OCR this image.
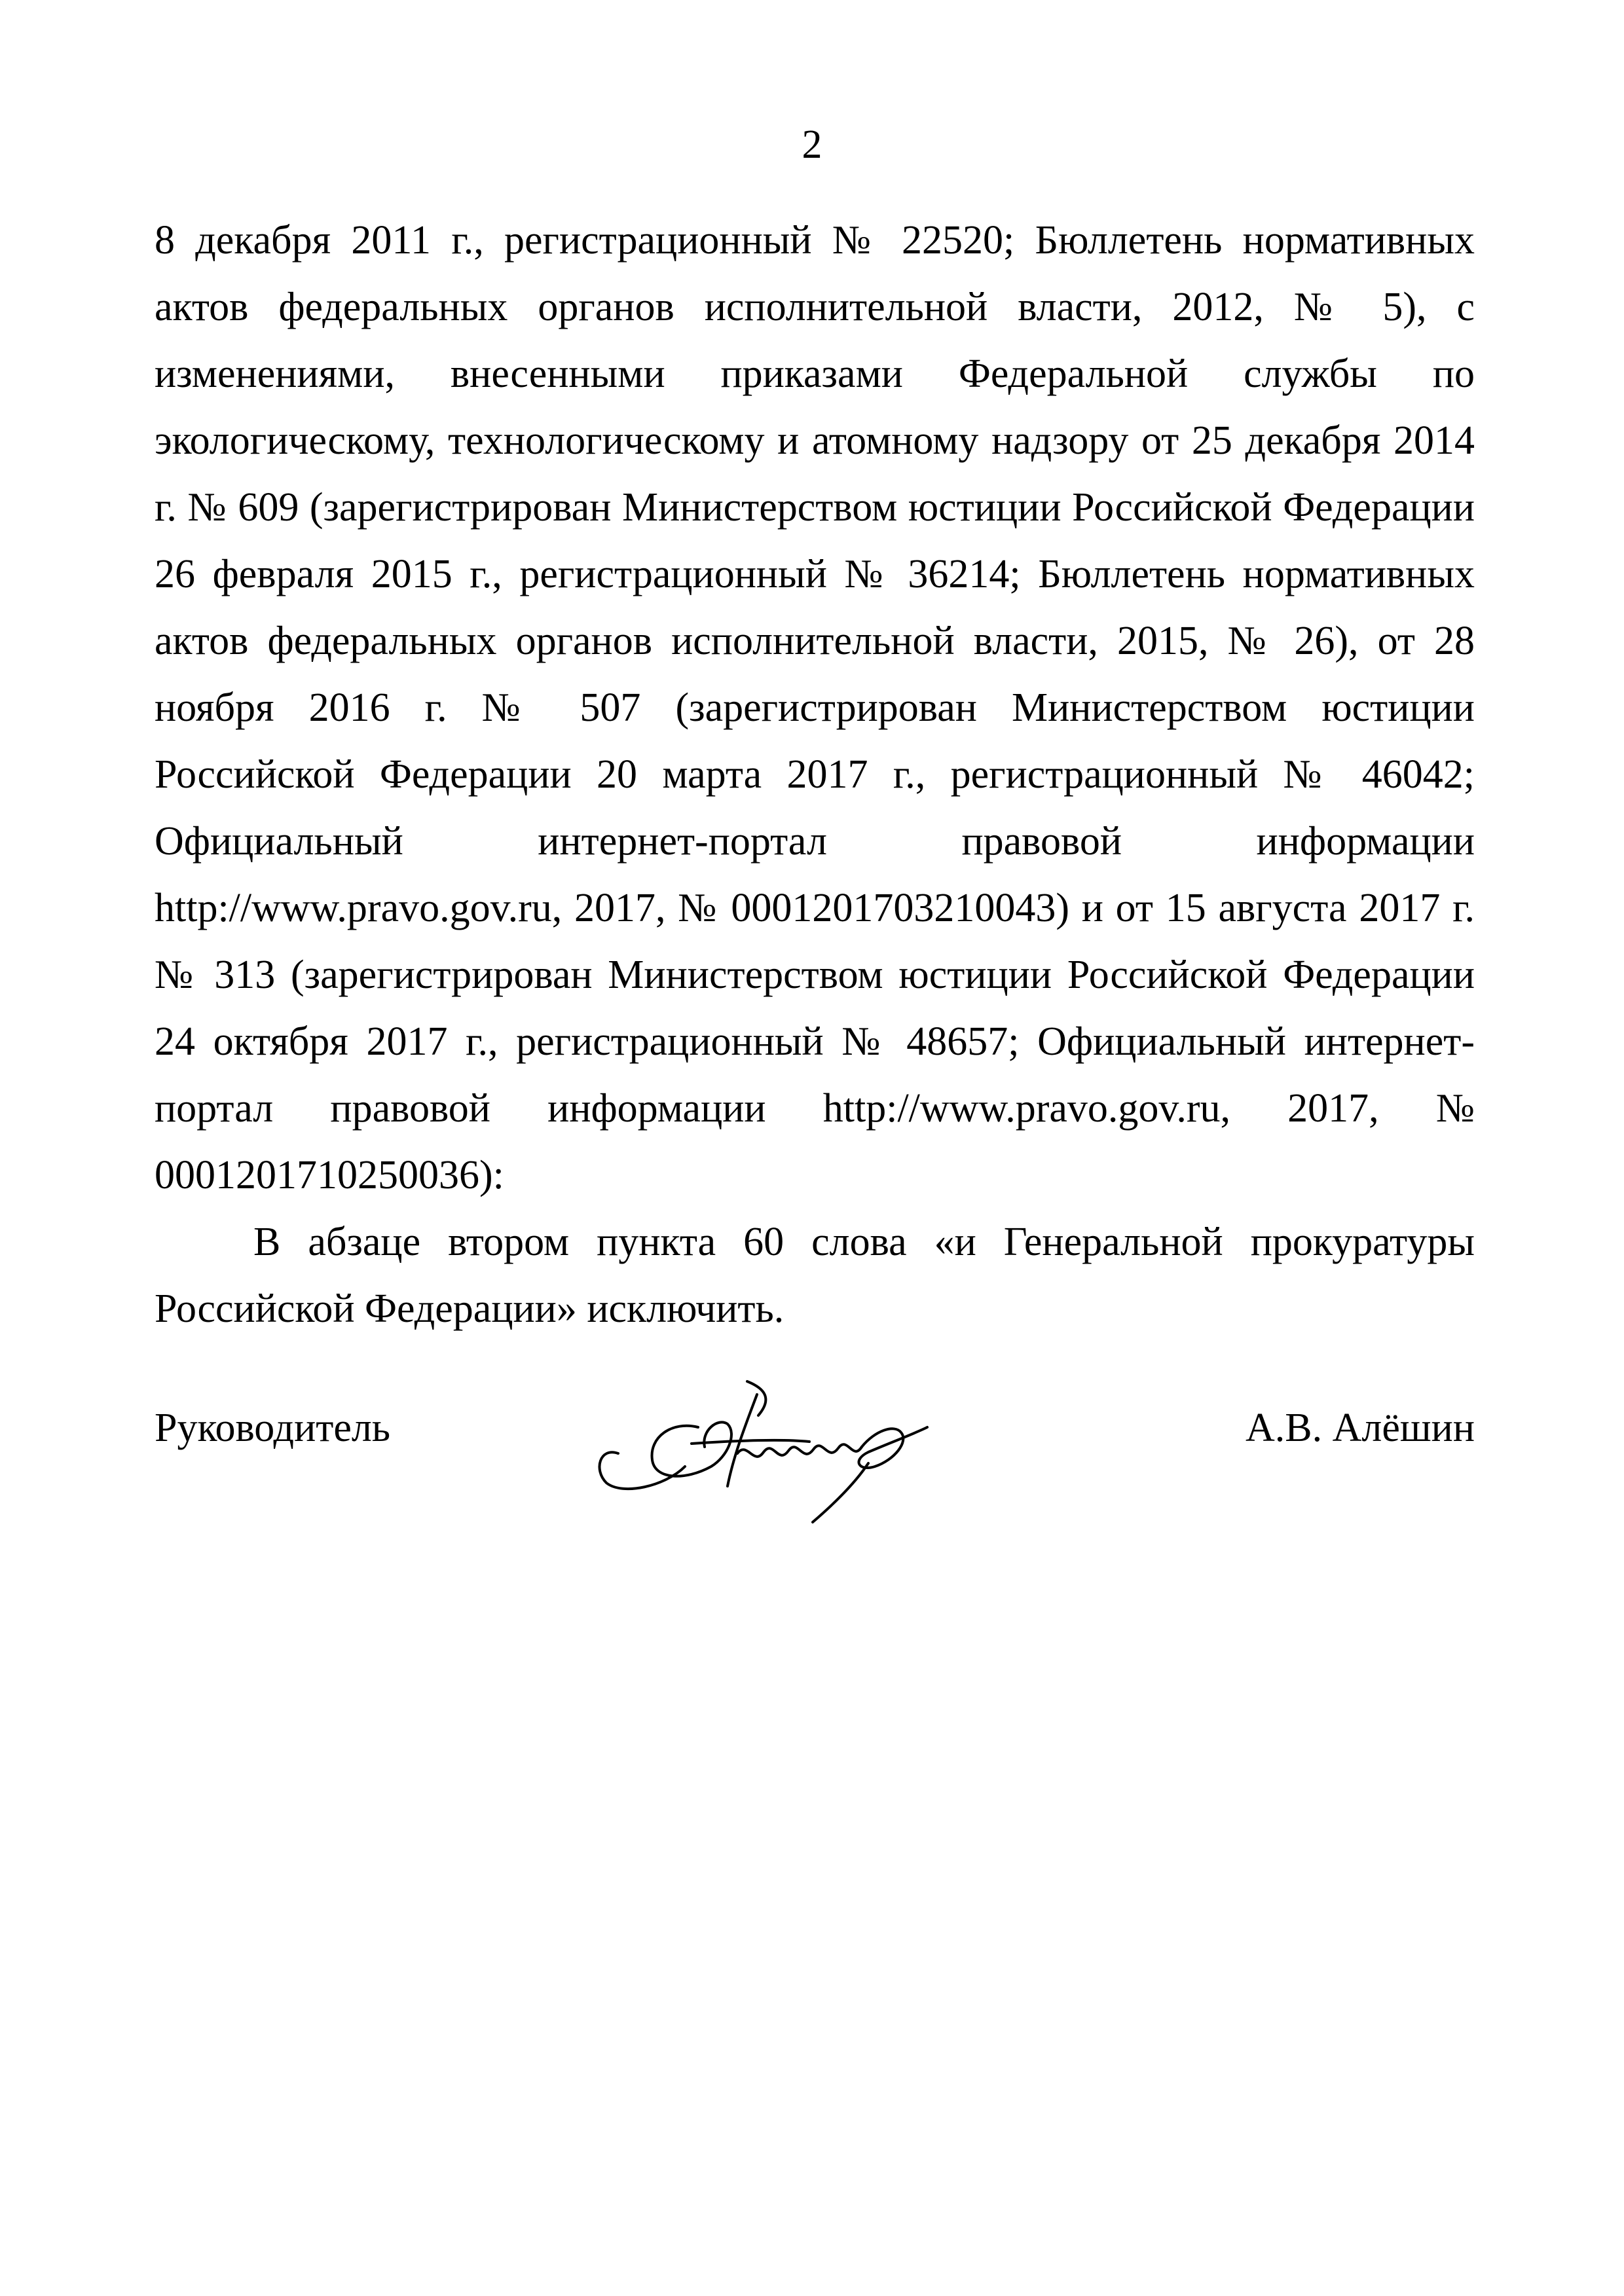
2

8 декабря 2011 г., регистрационный № 22520; Бюллетень нормативных актов федеральных органов исполнительной власти, 2012, № 5), с изменениями, внесенными приказами Федеральной службы по экологическому, технологическому и атомному надзору от 25 декабря 2014 г. № 609 (зарегистрирован Министерством юстиции Российской Федерации 26 февраля 2015 г., регистрационный № 36214; Бюллетень нормативных актов федеральных органов исполнительной власти, 2015, № 26), от 28 ноября 2016 г. № 507 (зарегистрирован Министерством юстиции Российской Федерации 20 марта 2017 г., регистрационный № 46042; Официальный интернет-портал правовой информации http://www.pravo.gov.ru, 2017, № 0001201703210043) и от 15 августа 2017 г. № 313 (зарегистрирован Министерством юстиции Российской Федерации 24 октября 2017 г., регистрационный № 48657; Официальный интернет-портал правовой информации http://www.pravo.gov.ru, 2017, № 0001201710250036):

В абзаце втором пункта 60 слова «и Генеральной прокуратуры Российской Федерации» исключить.

Руководитель	А.В. Алёшин
